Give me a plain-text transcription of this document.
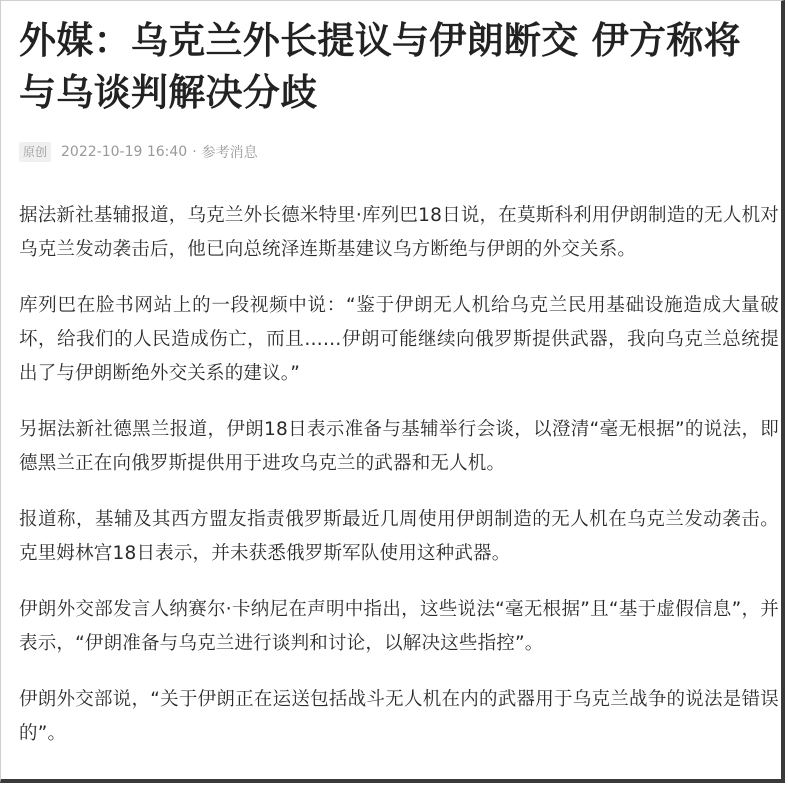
外媒：乌克兰外长提议与伊朗断交 伊方称将与乌谈判解决分歧
原创 2022-10-19 16:40 · 参考消息

据法新社基辅报道，乌克兰外长德米特里·库列巴18日说，在莫斯科利用伊朗制造的无人机对乌克兰发动袭击后，他已向总统泽连斯基建议乌方断绝与伊朗的外交关系。

库列巴在脸书网站上的一段视频中说：“鉴于伊朗无人机给乌克兰民用基础设施造成大量破坏，给我们的人民造成伤亡，而且……伊朗可能继续向俄罗斯提供武器，我向乌克兰总统提出了与伊朗断绝外交关系的建议。”

另据法新社德黑兰报道，伊朗18日表示准备与基辅举行会谈，以澄清“毫无根据”的说法，即德黑兰正在向俄罗斯提供用于进攻乌克兰的武器和无人机。

报道称，基辅及其西方盟友指责俄罗斯最近几周使用伊朗制造的无人机在乌克兰发动袭击。克里姆林宫18日表示，并未获悉俄罗斯军队使用这种武器。

伊朗外交部发言人纳赛尔·卡纳尼在声明中指出，这些说法“毫无根据”且“基于虚假信息”，并表示，“伊朗准备与乌克兰进行谈判和讨论，以解决这些指控”。

伊朗外交部说，“关于伊朗正在运送包括战斗无人机在内的武器用于乌克兰战争的说法是错误的”。
